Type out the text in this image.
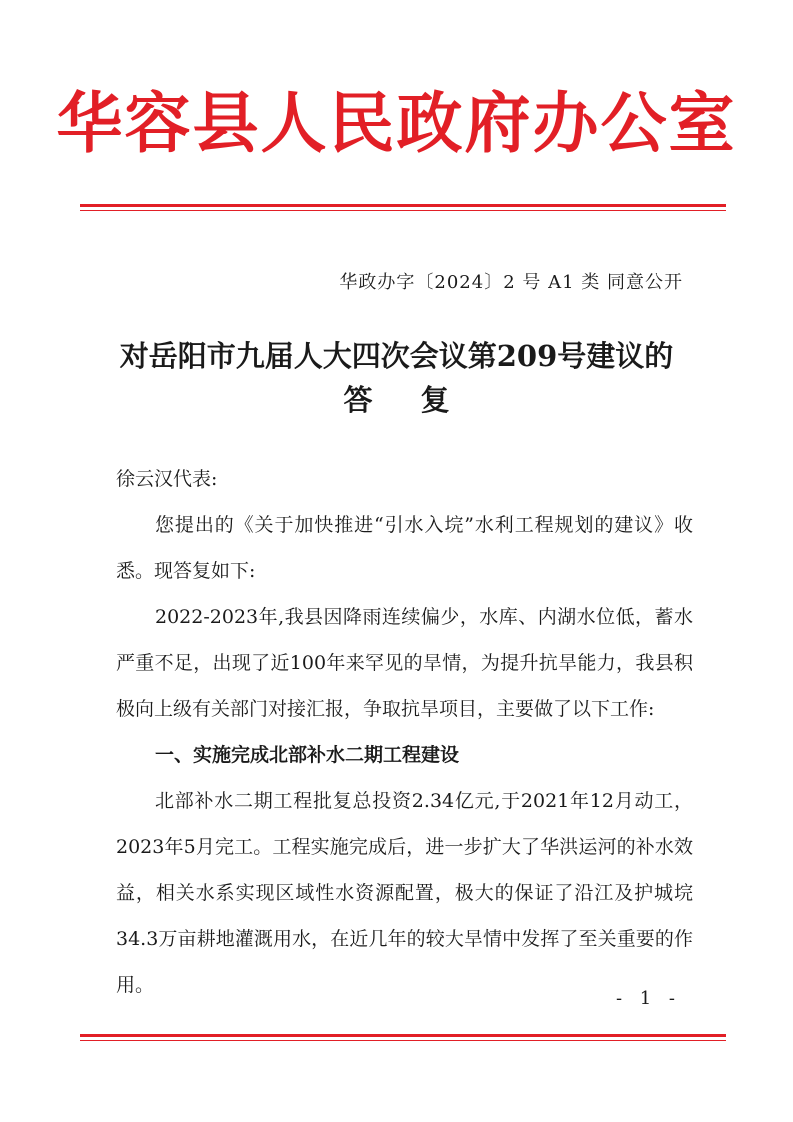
华容县人民政府办公室
华政办字〔2024〕2 号 A1 类 同意公开
对岳阳市九届人大四次会议第209号建议的
答复

徐云汉代表:

您提出的《关于加快推进“引水入垸”水利工程规划的建议》收悉。现答复如下:

2022-2023年,我县因降雨连续偏少，水库、内湖水位低，蓄水严重不足，出现了近100年来罕见的旱情，为提升抗旱能力，我县积极向上级有关部门对接汇报，争取抗旱项目，主要做了以下工作:

一、实施完成北部补水二期工程建设

北部补水二期工程批复总投资2.34亿元,于2021年12月动工，2023年5月完工。工程实施完成后，进一步扩大了华洪运河的补水效益，相关水系实现区域性水资源配置，极大的保证了沿江及护城垸34.3万亩耕地灌溉用水，在近几年的较大旱情中发挥了至关重要的作用。

- 1 -
